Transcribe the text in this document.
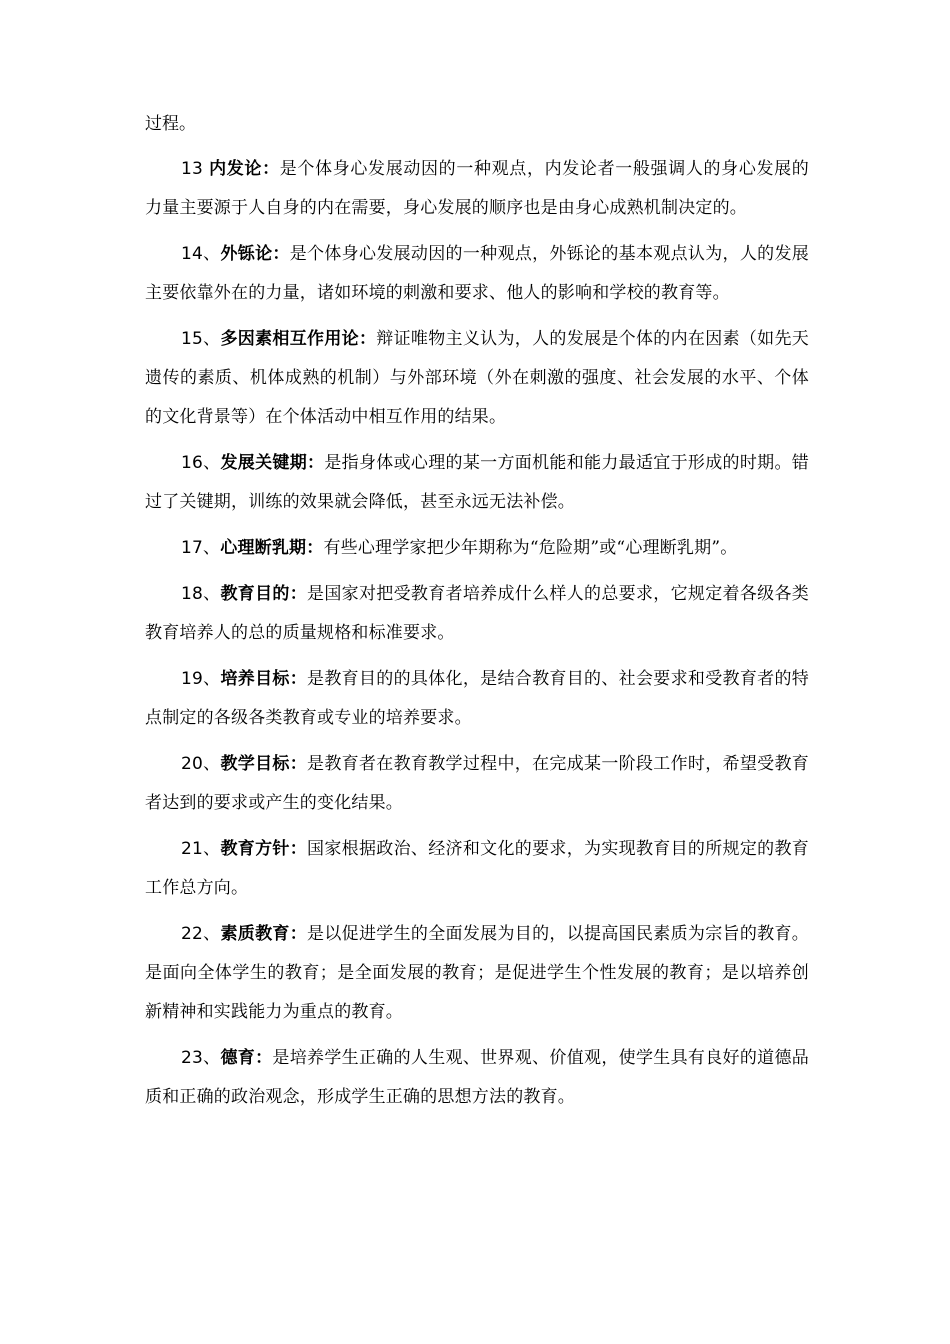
过程。

13 内发论：是个体身心发展动因的一种观点，内发论者一般强调人的身心发展的力量主要源于人自身的内在需要，身心发展的顺序也是由身心成熟机制决定的。

14、外铄论：是个体身心发展动因的一种观点，外铄论的基本观点认为，人的发展主要依靠外在的力量，诸如环境的刺激和要求、他人的影响和学校的教育等。

15、多因素相互作用论：辩证唯物主义认为，人的发展是个体的内在因素（如先天遗传的素质、机体成熟的机制）与外部环境（外在刺激的强度、社会发展的水平、个体的文化背景等）在个体活动中相互作用的结果。

16、发展关键期：是指身体或心理的某一方面机能和能力最适宜于形成的时期。错过了关键期，训练的效果就会降低，甚至永远无法补偿。

17、心理断乳期：有些心理学家把少年期称为“危险期”或“心理断乳期”。

18、教育目的：是国家对把受教育者培养成什么样人的总要求，它规定着各级各类教育培养人的总的质量规格和标准要求。

19、培养目标：是教育目的的具体化，是结合教育目的、社会要求和受教育者的特点制定的各级各类教育或专业的培养要求。

20、教学目标：是教育者在教育教学过程中，在完成某一阶段工作时，希望受教育者达到的要求或产生的变化结果。

21、教育方针：国家根据政治、经济和文化的要求，为实现教育目的所规定的教育工作总方向。

22、素质教育：是以促进学生的全面发展为目的，以提高国民素质为宗旨的教育。是面向全体学生的教育；是全面发展的教育；是促进学生个性发展的教育；是以培养创新精神和实践能力为重点的教育。

23、德育：是培养学生正确的人生观、世界观、价值观，使学生具有良好的道德品质和正确的政治观念，形成学生正确的思想方法的教育。
